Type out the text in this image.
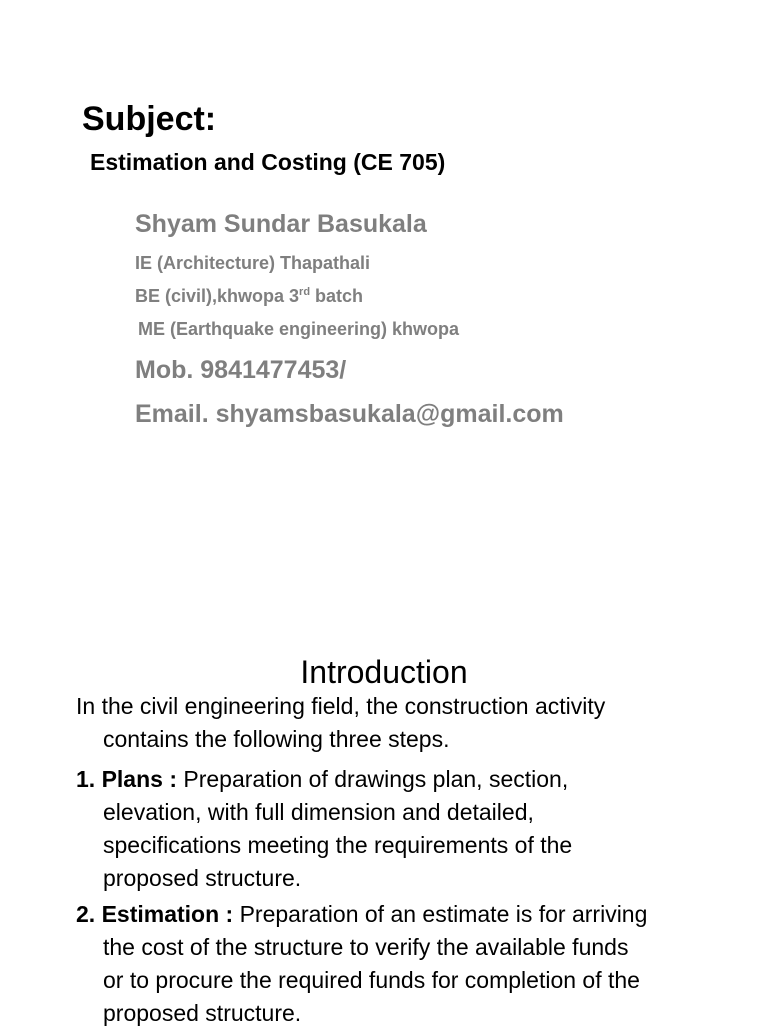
Subject:
Estimation and Costing (CE 705)
Shyam Sundar Basukala
IE (Architecture) Thapathali
BE (civil),khwopa 3rd batch
ME (Earthquake engineering) khwopa
Mob. 9841477453/
Email. shyamsbasukala@gmail.com
Introduction
In the civil engineering field, the construction activity
contains the following three steps.
1. Plans : Preparation of drawings plan, section,
elevation, with full dimension and detailed,
specifications meeting the requirements of the
proposed structure.
2. Estimation : Preparation of an estimate is for arriving
the cost of the structure to verify the available funds
or to procure the required funds for completion of the
proposed structure.
